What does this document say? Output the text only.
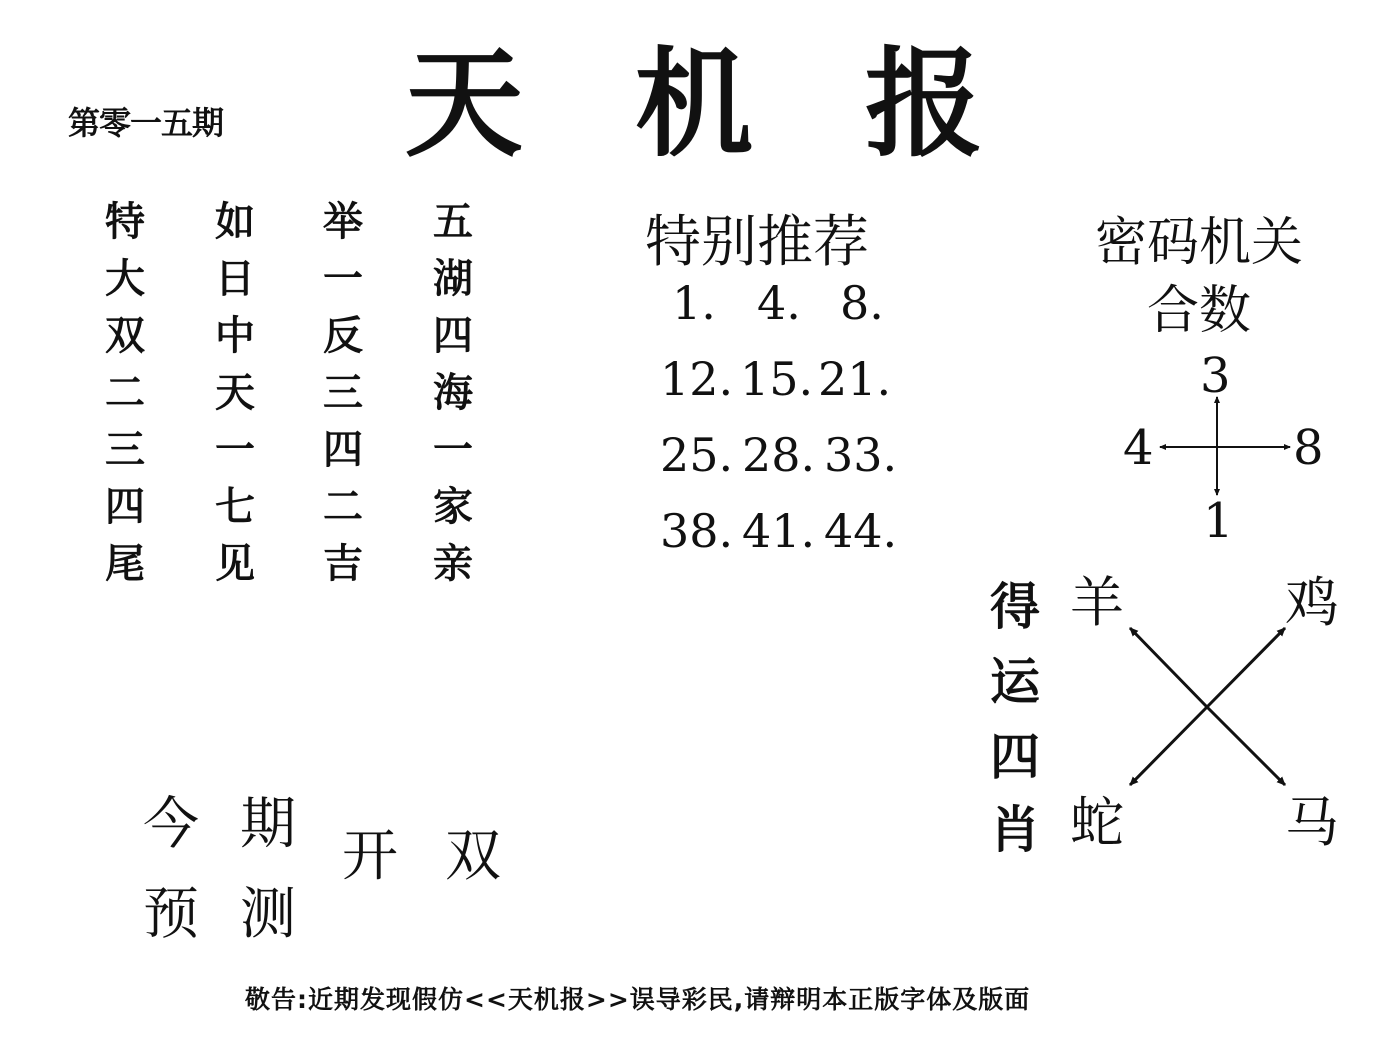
第零一五期 天机报
特 如 举 五
大 日 一 湖
双 中 反 四
二 天 三 海
三 一 四 一
四 七 二 家
尾 见 吉 亲
特别推荐
1. 4. 8.
12. 15. 21.
25. 28. 33.
38. 41. 44.
密码机关
合数
3
4	8
1
得
运
四
肖
羊	鸡
蛇	马
今 期
预 测
开 双
敬告:近期发现假仿<<天机报>>误导彩民,请辩明本正版字体及版面
